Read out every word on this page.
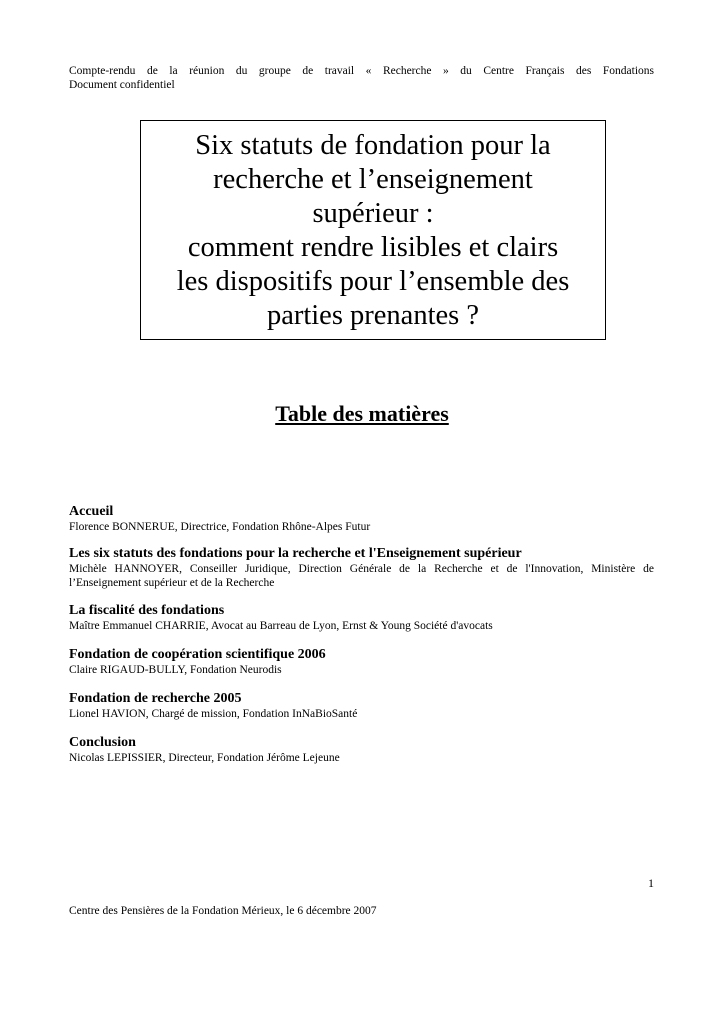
Compte-rendu de la réunion du groupe de travail « Recherche » du Centre Français des Fondations
Document confidentiel
Six statuts de fondation pour la
recherche et l’enseignement
supérieur :
comment rendre lisibles et clairs
les dispositifs pour l’ensemble des
parties prenantes ?
Table des matières
Accueil
Florence BONNERUE, Directrice, Fondation Rhône-Alpes Futur
Les six statuts des fondations pour la recherche et l'Enseignement supérieur
Michèle HANNOYER, Conseiller Juridique, Direction Générale de la Recherche et de l'Innovation, Ministère de l’Enseignement supérieur et de la Recherche
La fiscalité des fondations
Maître Emmanuel CHARRIE, Avocat au Barreau de Lyon, Ernst & Young Société d'avocats
Fondation de coopération scientifique 2006
Claire RIGAUD-BULLY, Fondation Neurodis
Fondation de recherche 2005
Lionel HAVION, Chargé de mission, Fondation InNaBioSanté
Conclusion
Nicolas LEPISSIER, Directeur, Fondation Jérôme Lejeune
1
Centre des Pensières de la Fondation Mérieux, le 6 décembre 2007
